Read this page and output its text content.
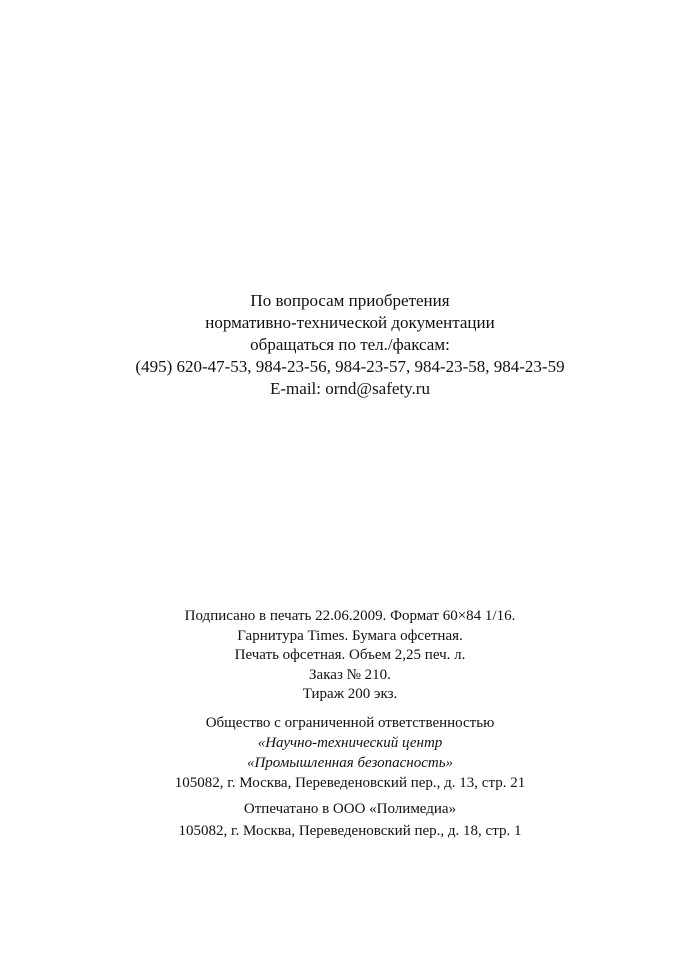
По вопросам приобретения
нормативно-технической документации
обращаться по тел./факсам:
(495) 620-47-53, 984-23-56, 984-23-57, 984-23-58, 984-23-59
E-mail: ornd@safety.ru
Подписано в печать 22.06.2009. Формат 60×84 1/16.
Гарнитура Times. Бумага офсетная.
Печать офсетная. Объем 2,25 печ. л.
Заказ № 210.
Тираж 200 экз.
Общество с ограниченной ответственностью
«Научно-технический центр
«Промышленная безопасность»
105082, г. Москва, Переведеновский пер., д. 13, стр. 21
Отпечатано в ООО «Полимедиа»
105082, г. Москва, Переведеновский пер., д. 18, стр. 1
